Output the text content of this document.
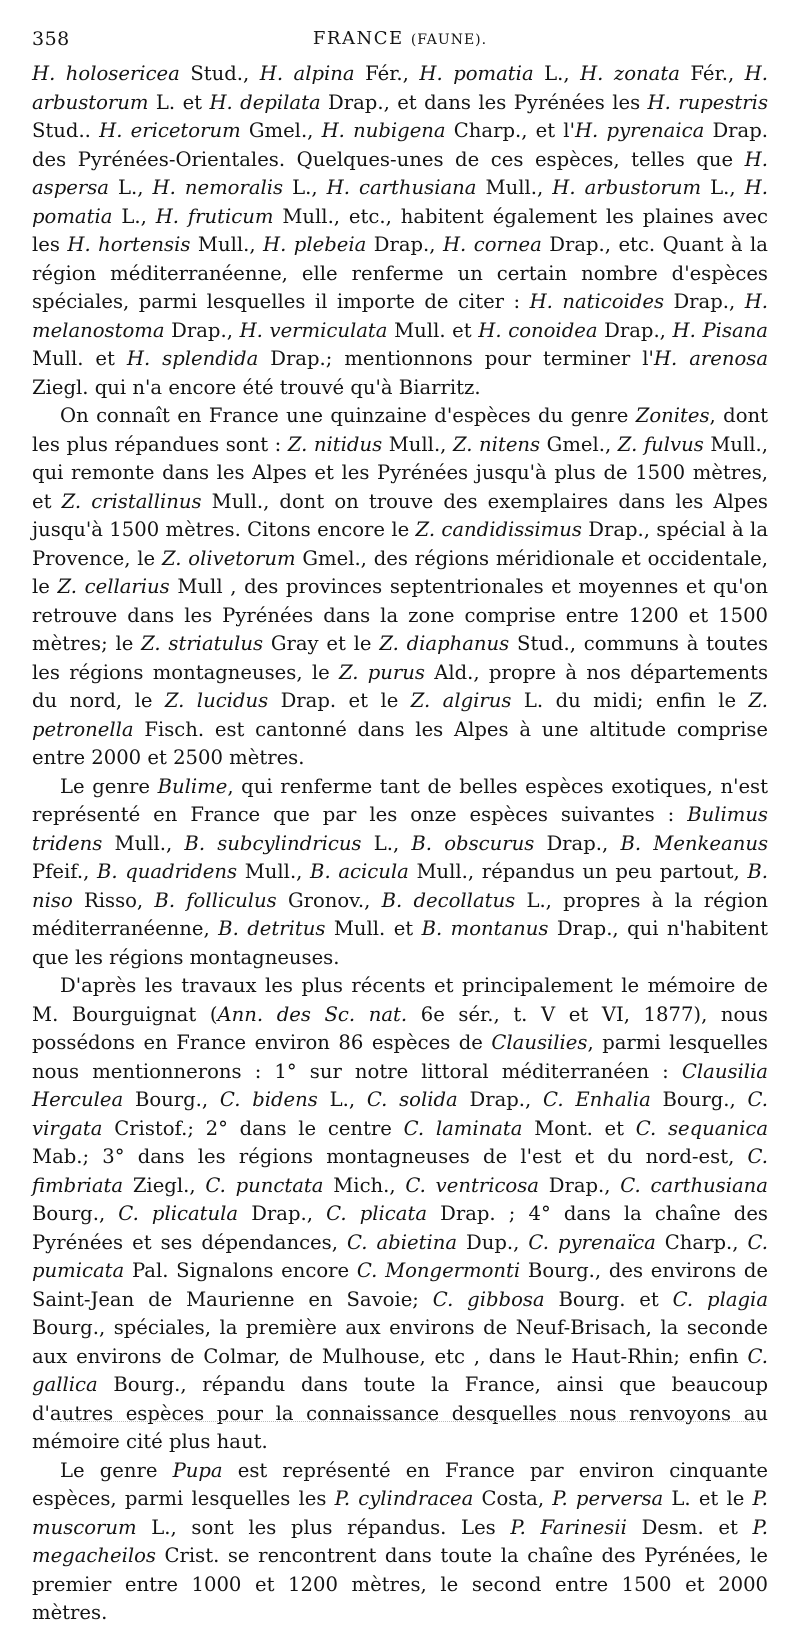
358	FRANCE (FAUNE).

H. holosericea Stud., H. alpina Fér., H. pomatia L., H. zonata Fér., H. arbustorum L. et H. depilata Drap., et dans les Pyrénées les H. rupestris Stud.. H. ericetorum Gmel., H. nubigena Charp., et l'H. pyrenaica Drap. des Pyrénées-Orientales. Quelques-unes de ces espèces, telles que H. aspersa L., H. nemoralis L., H. carthusiana Mull., H. arbustorum L., H. pomatia L., H. fruticum Mull., etc., habitent également les plaines avec les H. hortensis Mull., H. plebeia Drap., H. cornea Drap., etc. Quant à la région méditerranéenne, elle renferme un certain nombre d'espèces spéciales, parmi lesquelles il importe de citer : H. naticoides Drap., H. melanostoma Drap., H. vermiculata Mull. et H. conoidea Drap., H. Pisana Mull. et H. splendida Drap.; mentionnons pour terminer l'H. arenosa Ziegl. qui n'a encore été trouvé qu'à Biarritz.

On connaît en France une quinzaine d'espèces du genre Zonites, dont les plus répandues sont : Z. nitidus Mull., Z. nitens Gmel., Z. fulvus Mull., qui remonte dans les Alpes et les Pyrénées jusqu'à plus de 1500 mètres, et Z. cristallinus Mull., dont on trouve des exemplaires dans les Alpes jusqu'à 1500 mètres. Citons encore le Z. candidissimus Drap., spécial à la Provence, le Z. olivetorum Gmel., des régions méridionale et occidentale, le Z. cellarius Mull , des provinces septentrionales et moyennes et qu'on retrouve dans les Pyrénées dans la zone comprise entre 1200 et 1500 mètres; le Z. striatulus Gray et le Z. diaphanus Stud., communs à toutes les régions montagneuses, le Z. purus Ald., propre à nos départements du nord, le Z. lucidus Drap. et le Z. algirus L. du midi; enfin le Z. petronella Fisch. est cantonné dans les Alpes à une altitude comprise entre 2000 et 2500 mètres.

Le genre Bulime, qui renferme tant de belles espèces exotiques, n'est représenté en France que par les onze espèces suivantes : Bulimus tridens Mull., B. subcylindricus L., B. obscurus Drap., B. Menkeanus Pfeif., B. quadridens Mull., B. acicula Mull., répandus un peu partout, B. niso Risso, B. folliculus Gronov., B. decollatus L., propres à la région méditerranéenne, B. detritus Mull. et B. montanus Drap., qui n'habitent que les régions montagneuses.

D'après les travaux les plus récents et principalement le mémoire de M. Bourguignat (Ann. des Sc. nat. 6e sér., t. V et VI, 1877), nous possédons en France environ 86 espèces de Clausilies, parmi lesquelles nous mentionnerons : 1° sur notre littoral méditerranéen : Clausilia Herculea Bourg., C. bidens L., C. solida Drap., C. Enhalia Bourg., C. virgata Cristof.; 2° dans le centre C. laminata Mont. et C. sequanica Mab.; 3° dans les régions montagneuses de l'est et du nord-est, C. fimbriata Ziegl., C. punctata Mich., C. ventricosa Drap., C. carthusiana Bourg., C. plicatula Drap., C. plicata Drap. ; 4° dans la chaîne des Pyrénées et ses dépendances, C. abietina Dup., C. pyrenaïca Charp., C. pumicata Pal. Signalons encore C. Mongermonti Bourg., des environs de Saint-Jean de Maurienne en Savoie; C. gibbosa Bourg. et C. plagia Bourg., spéciales, la première aux environs de Neuf-Brisach, la seconde aux environs de Colmar, de Mulhouse, etc , dans le Haut-Rhin; enfin C. gallica Bourg., répandu dans toute la France, ainsi que beaucoup d'autres espèces pour la connaissance desquelles nous renvoyons au mémoire cité plus haut.

Le genre Pupa est représenté en France par environ cinquante espèces, parmi lesquelles les P. cylindracea Costa, P. perversa L. et le P. muscorum L., sont les plus répandus. Les P. Farinesii Desm. et P. megacheilos Crist. se rencontrent dans toute la chaîne des Pyrénées, le premier entre 1000 et 1200 mètres, le second entre 1500 et 2000 mètres.
